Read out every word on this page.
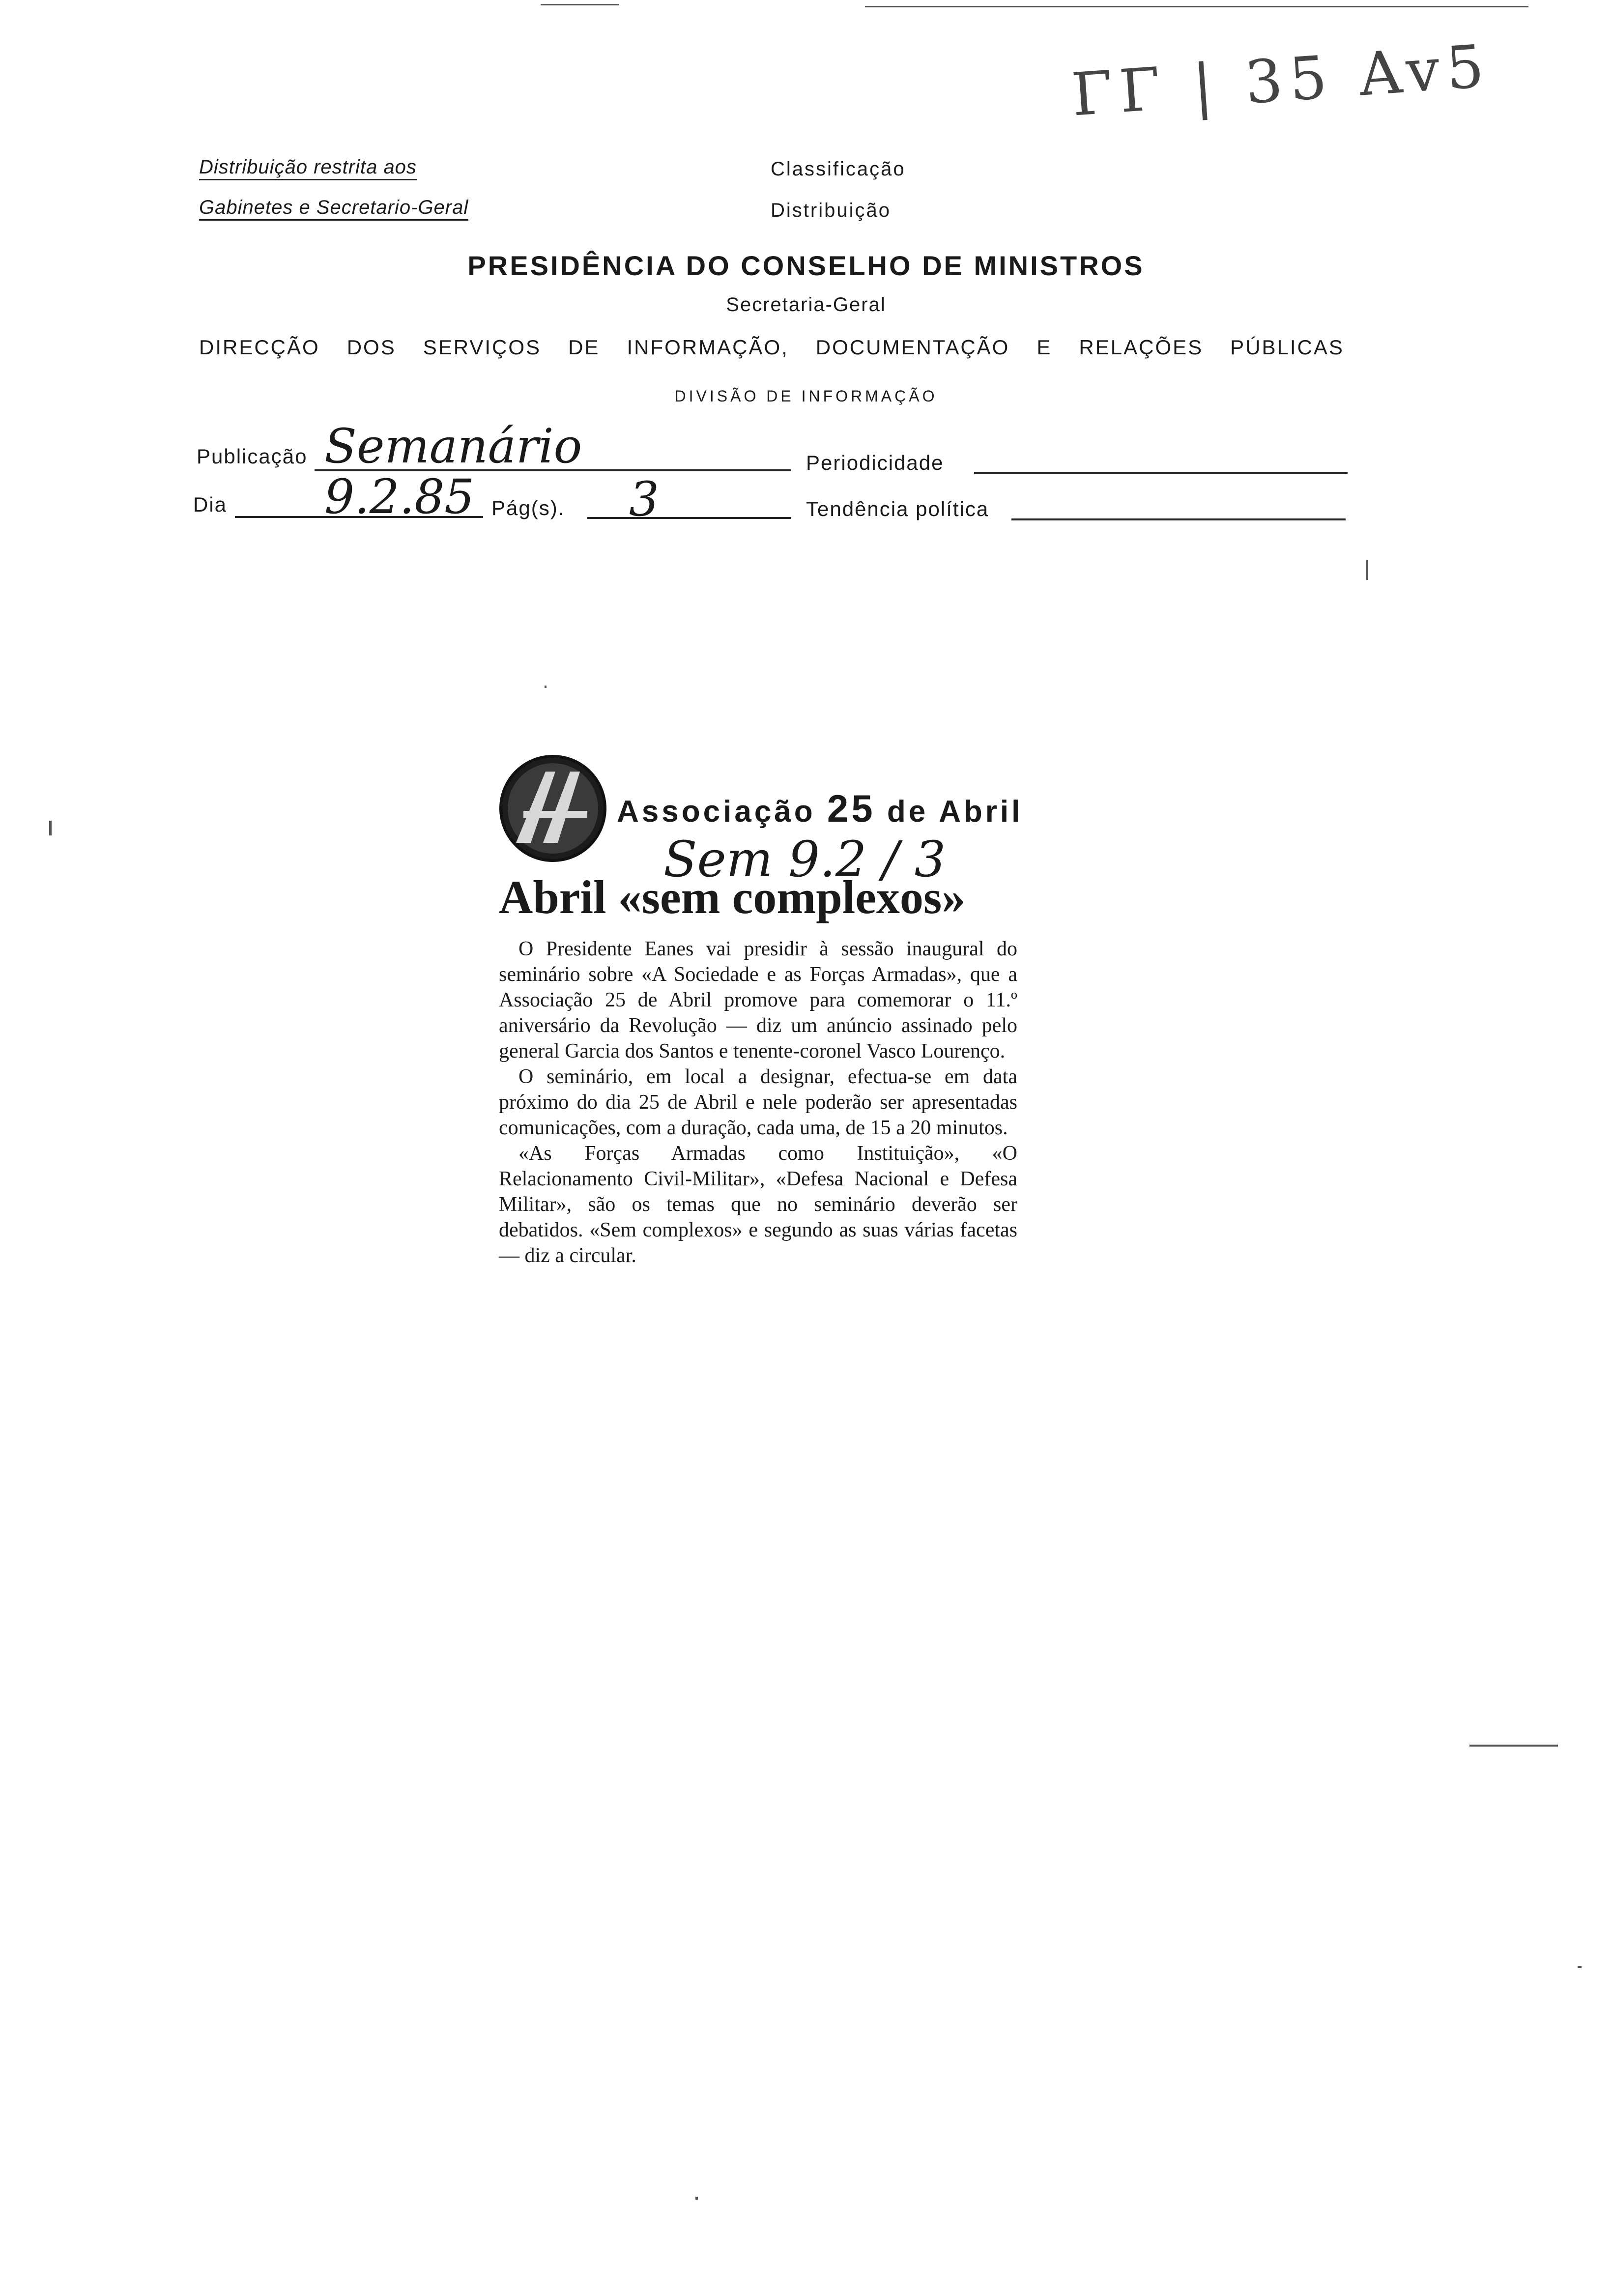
ΓΓ | 35 Av5
Distribuição restrita aos
Gabinetes e Secretario-Geral
Classificação
Distribuição
PRESIDÊNCIA DO CONSELHO DE MINISTROS
Secretaria-Geral
DIRECÇÃO DOS SERVIÇOS DE INFORMAÇÃO, DOCUMENTAÇÃO E RELAÇÕES PÚBLICAS
DIVISÃO DE INFORMAÇÃO
Publicação Semanário	Periodicidade
Dia 9.2.85 Pág(s). 3	Tendência política
Associação 25 de Abril
Sem 9.2 / 3
Abril «sem complexos»

O Presidente Eanes vai presidir à sessão inaugural do seminário sobre «A Sociedade e as Forças Armadas», que a Associação 25 de Abril promove para comemorar o 11.º aniversário da Revolução — diz um anúncio assinado pelo general Garcia dos Santos e tenente-coronel Vasco Lourenço.

O seminário, em local a designar, efectua-se em data próximo do dia 25 de Abril e nele poderão ser apresentadas comunicações, com a duração, cada uma, de 15 a 20 minutos.

«As Forças Armadas como Instituição», «O Relacionamento Civil-Militar», «Defesa Nacional e Defesa Militar», são os temas que no seminário deverão ser debatidos. «Sem complexos» e segundo as suas várias facetas — diz a circular.
